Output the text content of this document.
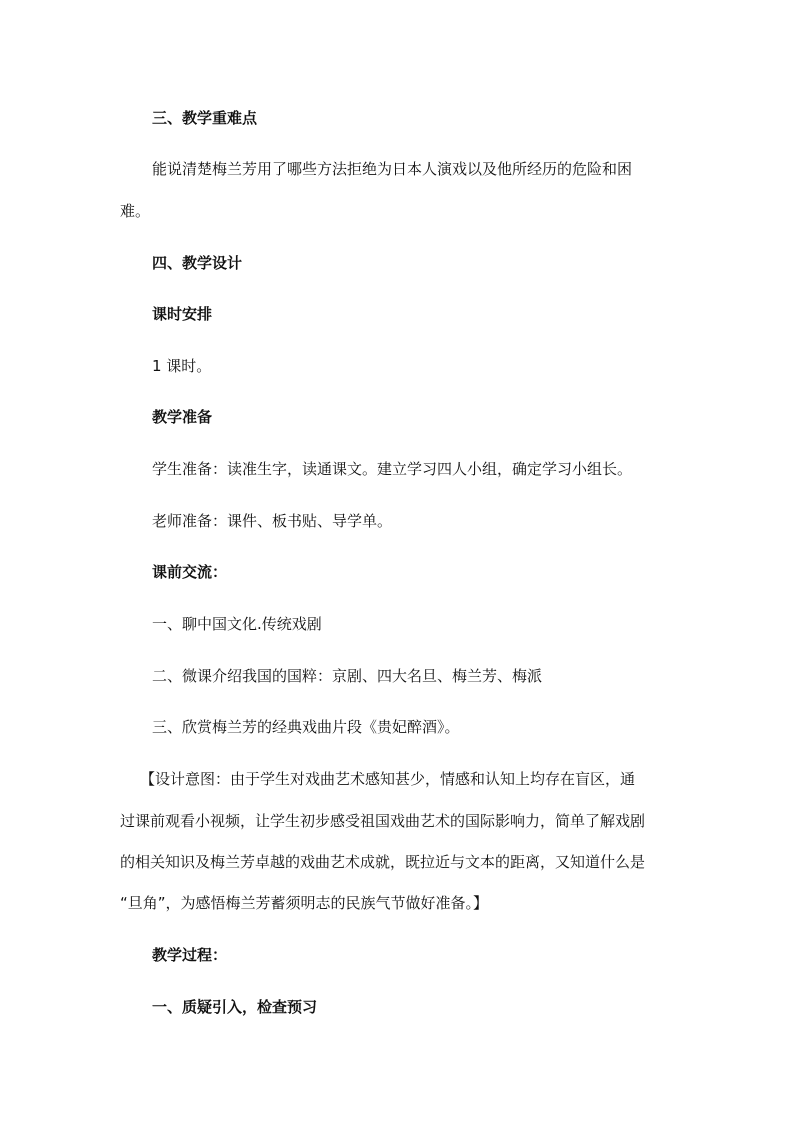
三、教学重难点
能说清楚梅兰芳用了哪些方法拒绝为日本人演戏以及他所经历的危险和困
难。
四、教学设计
课时安排
1 课时。
教学准备
学生准备：读准生字，读通课文。建立学习四人小组，确定学习小组长。
老师准备：课件、板书贴、导学单。
课前交流：
一、聊中国文化.传统戏剧
二、微课介绍我国的国粹：京剧、四大名旦、梅兰芳、梅派
三、欣赏梅兰芳的经典戏曲片段《贵妃醉酒》。
【设计意图：由于学生对戏曲艺术感知甚少，情感和认知上均存在盲区，通
过课前观看小视频，让学生初步感受祖国戏曲艺术的国际影响力，简单了解戏剧
的相关知识及梅兰芳卓越的戏曲艺术成就，既拉近与文本的距离，又知道什么是
“旦角”，为感悟梅兰芳蓄须明志的民族气节做好准备。】
教学过程：
一、质疑引入，检查预习
